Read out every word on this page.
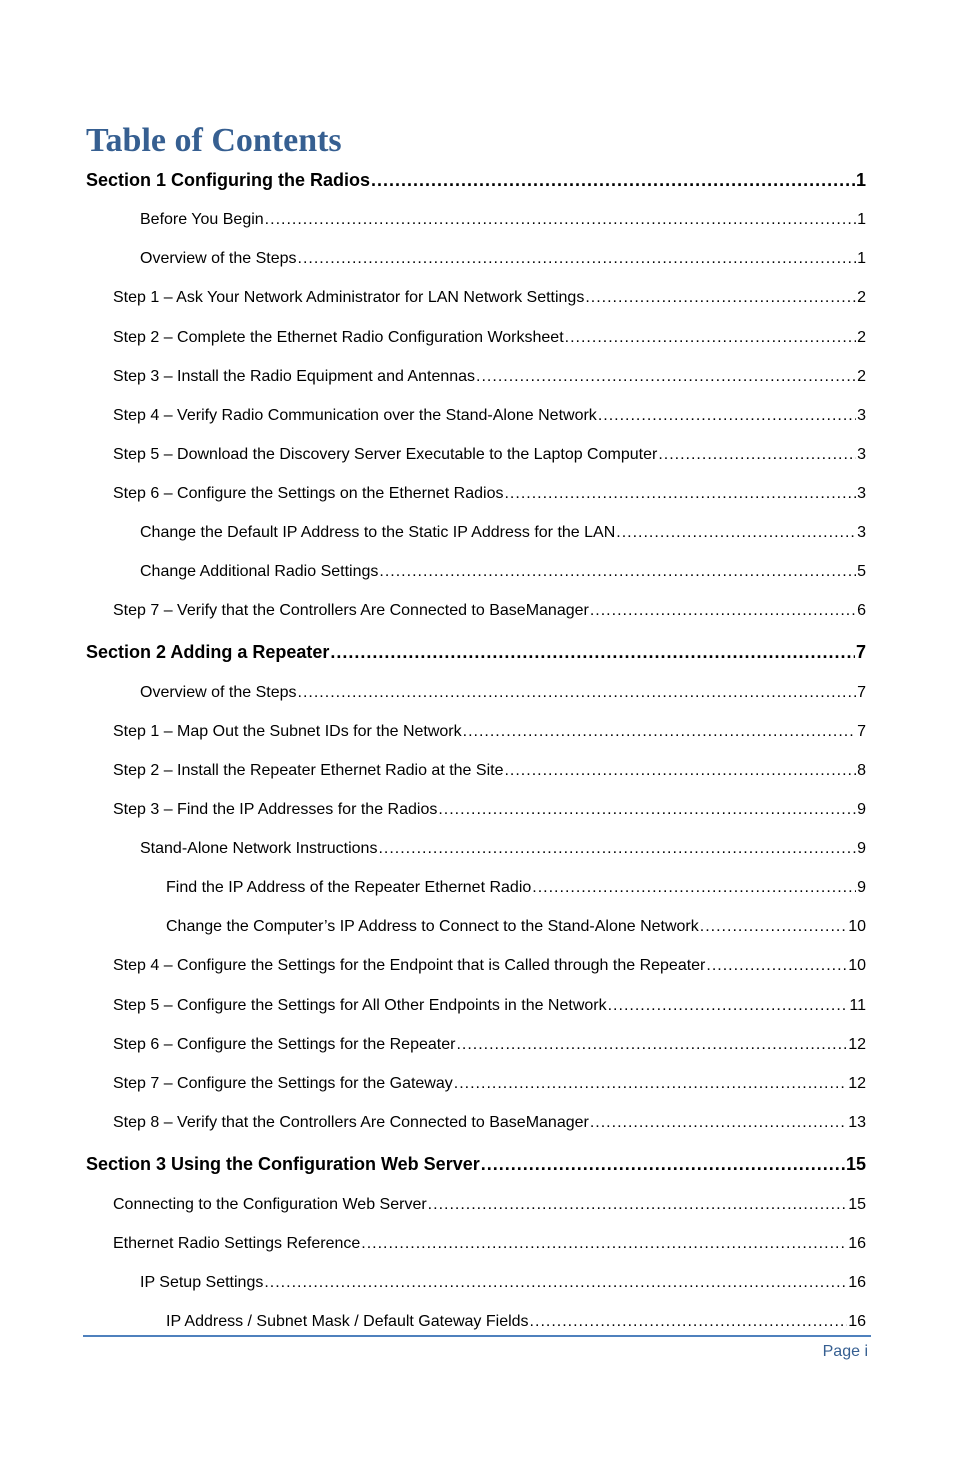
Table of Contents
Section 1 Configuring the Radios .....	1
Before You Begin .....	1
Overview of the Steps .....	1
Step 1 – Ask Your Network Administrator for LAN Network Settings .....	2
Step 2 – Complete the Ethernet Radio Configuration Worksheet .....	2
Step 3 – Install the Radio Equipment and Antennas .....	2
Step 4 – Verify Radio Communication over the Stand-Alone Network .....	3
Step 5 – Download the Discovery Server Executable to the Laptop Computer .....	3
Step 6 – Configure the Settings on the Ethernet Radios .....	3
Change the Default IP Address to the Static IP Address for the LAN .....	3
Change Additional Radio Settings .....	5
Step 7 – Verify that the Controllers Are Connected to BaseManager .....	6
Section 2 Adding a Repeater .....	7
Overview of the Steps .....	7
Step 1 – Map Out the Subnet IDs for the Network .....	7
Step 2 – Install the Repeater Ethernet Radio at the Site .....	8
Step 3 – Find the IP Addresses for the Radios .....	9
Stand-Alone Network Instructions .....	9
Find the IP Address of the Repeater Ethernet Radio .....	9
Change the Computer’s IP Address to Connect to the Stand-Alone Network .....	10
Step 4 – Configure the Settings for the Endpoint that is Called through the Repeater .....	10
Step 5 – Configure the Settings for All Other Endpoints in the Network .....	11
Step 6 – Configure the Settings for the Repeater .....	12
Step 7 – Configure the Settings for the Gateway .....	12
Step 8 – Verify that the Controllers Are Connected to BaseManager .....	13
Section 3 Using the Configuration Web Server .....	15
Connecting to the Configuration Web Server .....	15
Ethernet Radio Settings Reference .....	16
IP Setup Settings .....	16
IP Address / Subnet Mask / Default Gateway Fields .....	16
Page i
